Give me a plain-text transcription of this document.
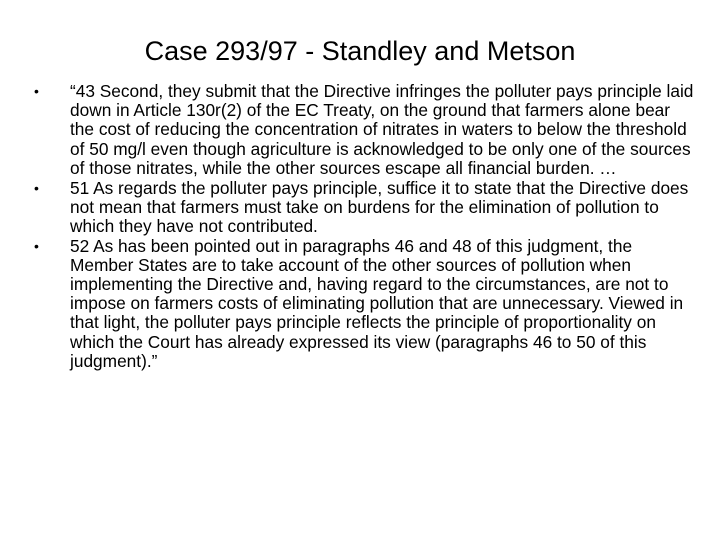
Case 293/97 - Standley and Metson
•	“43 Second, they submit that the Directive infringes the polluter pays principle laid down in Article 130r(2) of the EC Treaty, on the ground that farmers alone bear the cost of reducing the concentration of nitrates in waters to below the threshold of 50 mg/l even though agriculture is acknowledged to be only one of the sources of those nitrates, while the other sources escape all financial burden. …
•	51 As regards the polluter pays principle, suffice it to state that the Directive does not mean that farmers must take on burdens for the elimination of pollution to which they have not contributed.
•	52 As has been pointed out in paragraphs 46 and 48 of this judgment, the Member States are to take account of the other sources of pollution when implementing the Directive and, having regard to the circumstances, are not to impose on farmers costs of eliminating pollution that are unnecessary. Viewed in that light, the polluter pays principle reflects the principle of proportionality on which the Court has already expressed its view (paragraphs 46 to 50 of this judgment).”
